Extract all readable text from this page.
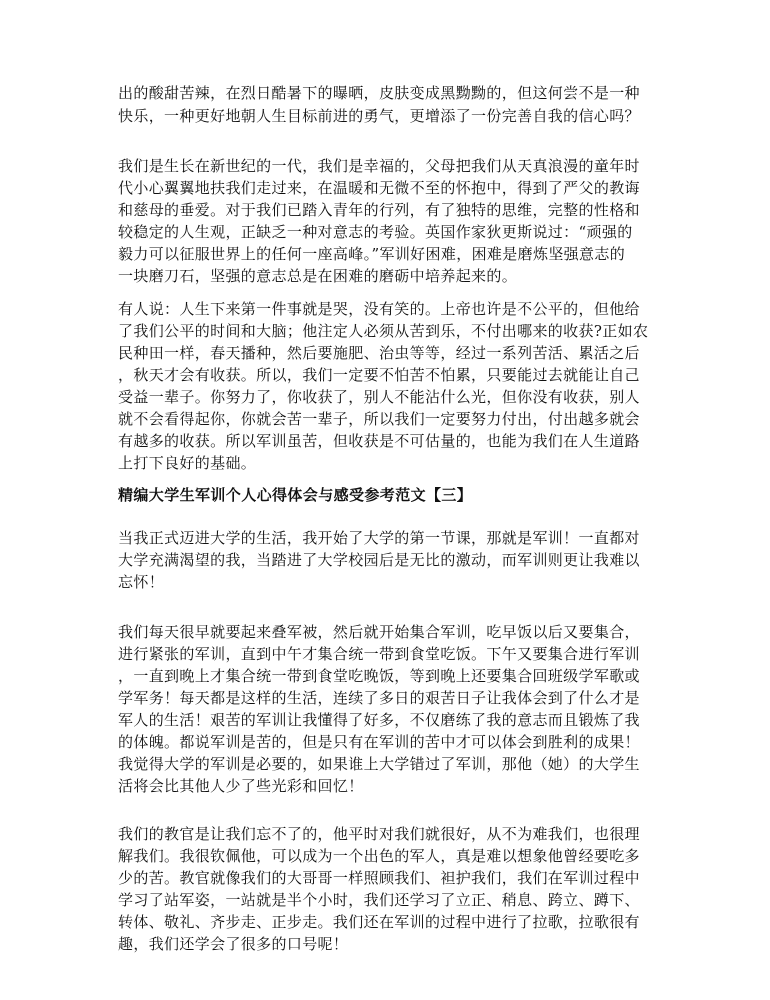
出的酸甜苦辣，在烈日酷暑下的曝晒，皮肤变成黑黝黝的，但这何尝不是一种
快乐，一种更好地朝人生目标前进的勇气，更增添了一份完善自我的信心吗？
我们是生长在新世纪的一代，我们是幸福的，父母把我们从天真浪漫的童年时
代小心翼翼地扶我们走过来，在温暖和无微不至的怀抱中，得到了严父的教诲
和慈母的垂爱。对于我们已踏入青年的行列，有了独特的思维，完整的性格和
较稳定的人生观，正缺乏一种对意志的考验。英国作家狄更斯说过：“顽强的
毅力可以征服世界上的任何一座高峰。”军训好困难，困难是磨炼坚强意志的
一块磨刀石，坚强的意志总是在困难的磨砺中培养起来的。
有人说：人生下来第一件事就是哭，没有笑的。上帝也许是不公平的，但他给
了我们公平的时间和大脑；他注定人必须从苦到乐，不付出哪来的收获?正如农
民种田一样，春天播种，然后要施肥、治虫等等，经过一系列苦活、累活之后
，秋天才会有收获。所以，我们一定要不怕苦不怕累，只要能过去就能让自己
受益一辈子。你努力了，你收获了，别人不能沾什么光，但你没有收获，别人
就不会看得起你，你就会苦一辈子，所以我们一定要努力付出，付出越多就会
有越多的收获。所以军训虽苦，但收获是不可估量的，也能为我们在人生道路
上打下良好的基础。
精编大学生军训个人心得体会与感受参考范文【三】
当我正式迈进大学的生活，我开始了大学的第一节课，那就是军训！一直都对
大学充满渴望的我，当踏进了大学校园后是无比的激动，而军训则更让我难以
忘怀！
我们每天很早就要起来叠军被，然后就开始集合军训，吃早饭以后又要集合，
进行紧张的军训，直到中午才集合统一带到食堂吃饭。下午又要集合进行军训
，一直到晚上才集合统一带到食堂吃晚饭，等到晚上还要集合回班级学军歌或
学军务！每天都是这样的生活，连续了多日的艰苦日子让我体会到了什么才是
军人的生活！艰苦的军训让我懂得了好多，不仅磨练了我的意志而且锻炼了我
的体魄。都说军训是苦的，但是只有在军训的苦中才可以体会到胜利的成果！
我觉得大学的军训是必要的，如果谁上大学错过了军训，那他（她）的大学生
活将会比其他人少了些光彩和回忆！
我们的教官是让我们忘不了的，他平时对我们就很好，从不为难我们，也很理
解我们。我很钦佩他，可以成为一个出色的军人，真是难以想象他曾经要吃多
少的苦。教官就像我们的大哥哥一样照顾我们、袒护我们，我们在军训过程中
学习了站军姿，一站就是半个小时，我们还学习了立正、稍息、跨立、蹲下、
转体、敬礼、齐步走、正步走。我们还在军训的过程中进行了拉歌，拉歌很有
趣，我们还学会了很多的口号呢！
